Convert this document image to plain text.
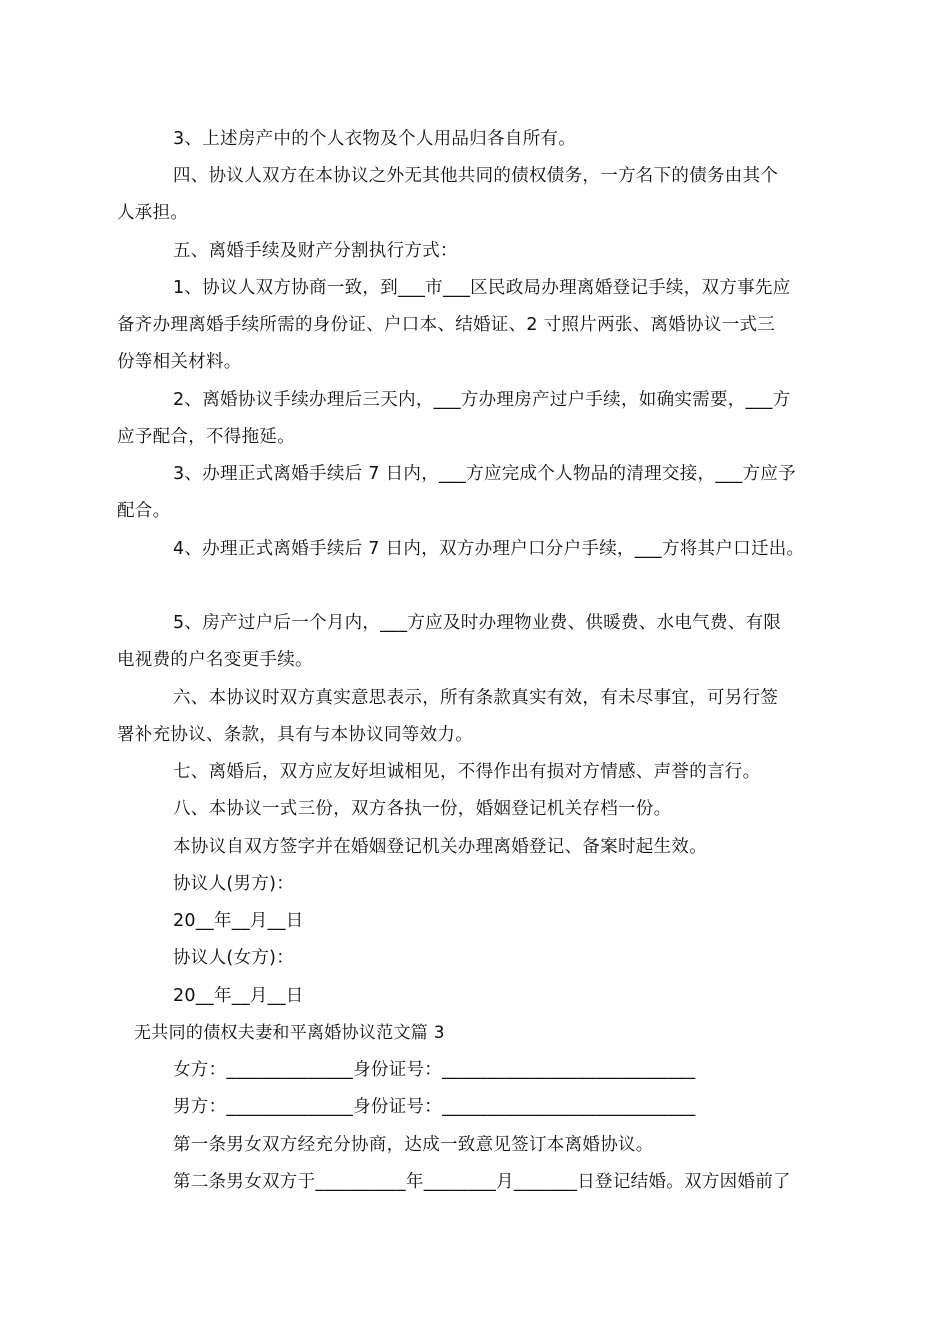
3、上述房产中的个人衣物及个人用品归各自所有。
四、协议人双方在本协议之外无其他共同的债权债务，一方名下的债务由其个
人承担。
五、离婚手续及财产分割执行方式：
1、协议人双方协商一致，到___市___区民政局办理离婚登记手续，双方事先应
备齐办理离婚手续所需的身份证、户口本、结婚证、2 寸照片两张、离婚协议一式三
份等相关材料。
2、离婚协议手续办理后三天内，___方办理房产过户手续，如确实需要，___方
应予配合，不得拖延。
3、办理正式离婚手续后 7 日内，___方应完成个人物品的清理交接，___方应予
配合。
4、办理正式离婚手续后 7 日内，双方办理户口分户手续，___方将其户口迁出。
5、房产过户后一个月内，___方应及时办理物业费、供暖费、水电气费、有限
电视费的户名变更手续。
六、本协议时双方真实意思表示，所有条款真实有效，有未尽事宜，可另行签
署补充协议、条款，具有与本协议同等效力。
七、离婚后，双方应友好坦诚相见，不得作出有损对方情感、声誉的言行。
八、本协议一式三份，双方各执一份，婚姻登记机关存档一份。
本协议自双方签字并在婚姻登记机关办理离婚登记、备案时起生效。
协议人(男方)：
20__年__月__日
协议人(女方)：
20__年__月__日
无共同的债权夫妻和平离婚协议范文篇 3
女方：______________身份证号：____________________________
男方：______________身份证号：____________________________
第一条男女双方经充分协商，达成一致意见签订本离婚协议。
第二条男女双方于__________年________月_______日登记结婚。双方因婚前了
